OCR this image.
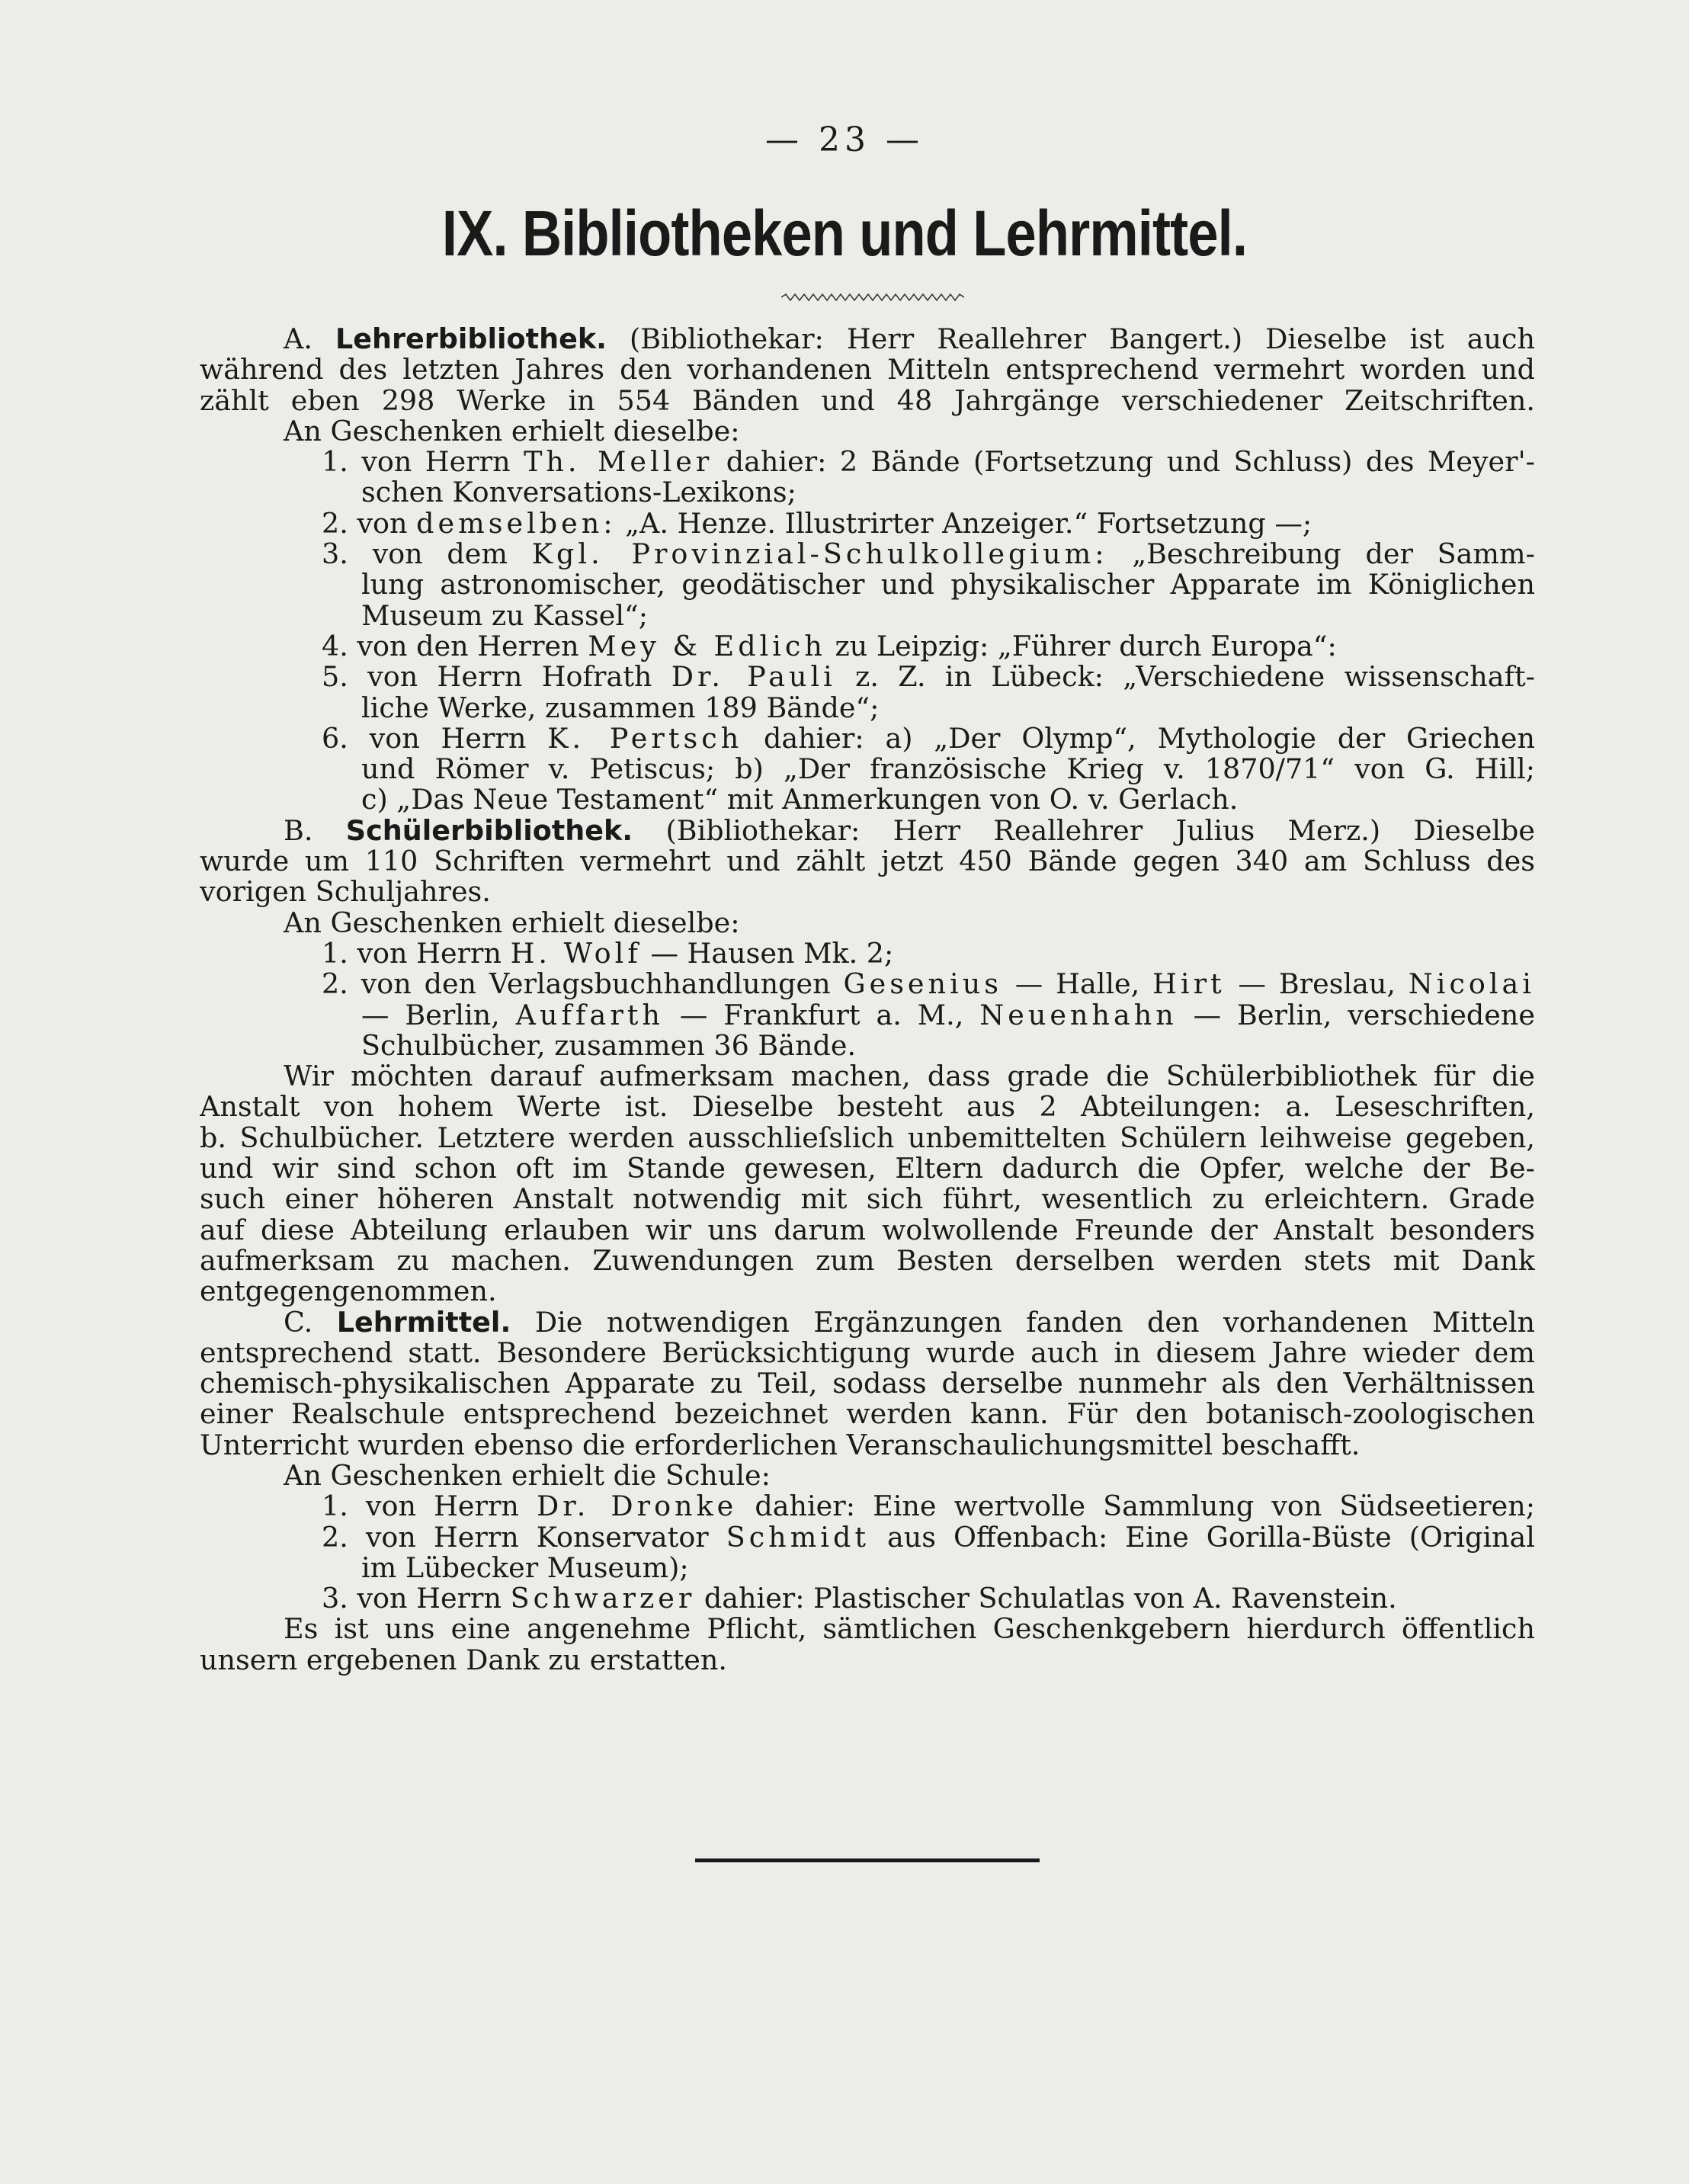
— 23 —
IX. Bibliotheken und Lehrmittel.
A. Lehrerbibliothek. (Bibliothekar: Herr Reallehrer Bangert.) Dieselbe ist auch
während des letzten Jahres den vorhandenen Mitteln entsprechend vermehrt worden und
zählt eben 298 Werke in 554 Bänden und 48 Jahrgänge verschiedener Zeitschriften.
An Geschenken erhielt dieselbe:
1. von Herrn Th. Meller dahier: 2 Bände (Fortsetzung und Schluss) des Meyer'-
schen Konversations-Lexikons;
2. von demselben: „A. Henze. Illustrirter Anzeiger.“ Fortsetzung —;
3. von dem Kgl. Provinzial-Schulkollegium: „Beschreibung der Samm-
lung astronomischer, geodätischer und physikalischer Apparate im Königlichen
Museum zu Kassel“;
4. von den Herren Mey & Edlich zu Leipzig: „Führer durch Europa“:
5. von Herrn Hofrath Dr. Pauli z. Z. in Lübeck: „Verschiedene wissenschaft-
liche Werke, zusammen 189 Bände“;
6. von Herrn K. Pertsch dahier: a) „Der Olymp“, Mythologie der Griechen
und Römer v. Petiscus; b) „Der französische Krieg v. 1870/71“ von G. Hill;
c) „Das Neue Testament“ mit Anmerkungen von O. v. Gerlach.
B. Schülerbibliothek. (Bibliothekar: Herr Reallehrer Julius Merz.) Dieselbe
wurde um 110 Schriften vermehrt und zählt jetzt 450 Bände gegen 340 am Schluss des
vorigen Schuljahres.
An Geschenken erhielt dieselbe:
1. von Herrn H. Wolf — Hausen Mk. 2;
2. von den Verlagsbuchhandlungen Gesenius — Halle, Hirt — Breslau, Nicolai
— Berlin, Auffarth — Frankfurt a. M., Neuenhahn — Berlin, verschiedene
Schulbücher, zusammen 36 Bände.
Wir möchten darauf aufmerksam machen, dass grade die Schülerbibliothek für die
Anstalt von hohem Werte ist. Dieselbe besteht aus 2 Abteilungen: a. Leseschriften,
b. Schulbücher. Letztere werden ausschlieſslich unbemittelten Schülern leihweise gegeben,
und wir sind schon oft im Stande gewesen, Eltern dadurch die Opfer, welche der Be-
such einer höheren Anstalt notwendig mit sich führt, wesentlich zu erleichtern. Grade
auf diese Abteilung erlauben wir uns darum wolwollende Freunde der Anstalt besonders
aufmerksam zu machen. Zuwendungen zum Besten derselben werden stets mit Dank
entgegengenommen.
C. Lehrmittel. Die notwendigen Ergänzungen fanden den vorhandenen Mitteln
entsprechend statt. Besondere Berücksichtigung wurde auch in diesem Jahre wieder dem
chemisch-physikalischen Apparate zu Teil, sodass derselbe nunmehr als den Verhältnissen
einer Realschule entsprechend bezeichnet werden kann. Für den botanisch-zoologischen
Unterricht wurden ebenso die erforderlichen Veranschaulichungsmittel beschafft.
An Geschenken erhielt die Schule:
1. von Herrn Dr. Dronke dahier: Eine wertvolle Sammlung von Südseetieren;
2. von Herrn Konservator Schmidt aus Offenbach: Eine Gorilla-Büste (Original
im Lübecker Museum);
3. von Herrn Schwarzer dahier: Plastischer Schulatlas von A. Ravenstein.
Es ist uns eine angenehme Pflicht, sämtlichen Geschenkgebern hierdurch öffentlich
unsern ergebenen Dank zu erstatten.
